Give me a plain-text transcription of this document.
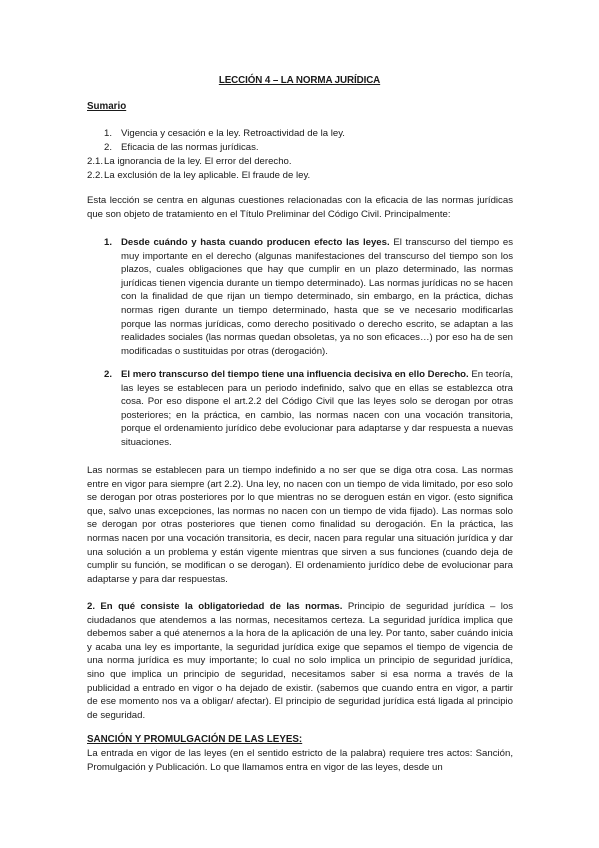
LECCIÓN 4 – LA NORMA JURÍDICA
Sumario
1. Vigencia y cesación e la ley. Retroactividad de la ley.
2. Eficacia de las normas jurídicas.
2.1. La ignorancia de la ley. El error del derecho.
2.2. La exclusión de la ley aplicable. El fraude de ley.
Esta lección se centra en algunas cuestiones relacionadas con la eficacia de las normas jurídicas que son objeto de tratamiento en el Título Preliminar del Código Civil. Principalmente:
1. Desde cuándo y hasta cuando producen efecto las leyes. El transcurso del tiempo es muy importante en el derecho (algunas manifestaciones del transcurso del tiempo son los plazos, cuales obligaciones que hay que cumplir en un plazo determinado, las normas jurídicas tienen vigencia durante un tiempo determinado). Las normas jurídicas no se hacen con la finalidad de que rijan un tiempo determinado, sin embargo, en la práctica, dichas normas rigen durante un tiempo determinado, hasta que se ve necesario modificarlas porque las normas jurídicas, como derecho positivado o derecho escrito, se adaptan a las realidades sociales (las normas quedan obsoletas, ya no son eficaces…) por eso ha de sen modificadas o sustituidas por otras (derogación).
2. El mero transcurso del tiempo tiene una influencia decisiva en ello Derecho. En teoría, las leyes se establecen para un periodo indefinido, salvo que en ellas se establezca otra cosa. Por eso dispone el art.2.2 del Código Civil que las leyes solo se derogan por otras posteriores; en la práctica, en cambio, las normas nacen con una vocación transitoria, porque el ordenamiento jurídico debe evolucionar para adaptarse y dar respuesta a nuevas situaciones.
Las normas se establecen para un tiempo indefinido a no ser que se diga otra cosa. Las normas entre en vigor para siempre (art 2.2). Una ley, no nacen con un tiempo de vida limitado, por eso solo se derogan por otras posteriores por lo que mientras no se deroguen están en vigor. (esto significa que, salvo unas excepciones, las normas no nacen con un tiempo de vida fijado). Las normas solo se derogan por otras posteriores que tienen como finalidad su derogación. En la práctica, las normas nacen por una vocación transitoria, es decir, nacen para regular una situación jurídica y dar una solución a un problema y están vigente mientras que sirven a sus funciones (cuando deja de cumplir su función, se modifican o se derogan). El ordenamiento jurídico debe de evolucionar para adaptarse y para dar respuestas.
2. En qué consiste la obligatoriedad de las normas. Principio de seguridad jurídica – los ciudadanos que atendemos a las normas, necesitamos certeza. La seguridad jurídica implica que debemos saber a qué atenernos a la hora de la aplicación de una ley. Por tanto, saber cuándo inicia y acaba una ley es importante, la seguridad jurídica exige que sepamos el tiempo de vigencia de una norma jurídica es muy importante; lo cual no solo implica un principio de seguridad jurídica, sino que implica un principio de seguridad, necesitamos saber si esa norma a través de la publicidad a entrado en vigor o ha dejado de existir. (sabemos que cuando entra en vigor, a partir de ese momento nos va a obligar/ afectar). El principio de seguridad jurídica está ligada al principio de seguridad.
SANCIÓN Y PROMULGACIÓN DE LAS LEYES:
La entrada en vigor de las leyes (en el sentido estricto de la palabra) requiere tres actos: Sanción, Promulgación y Publicación. Lo que llamamos entra en vigor de las leyes, desde un
